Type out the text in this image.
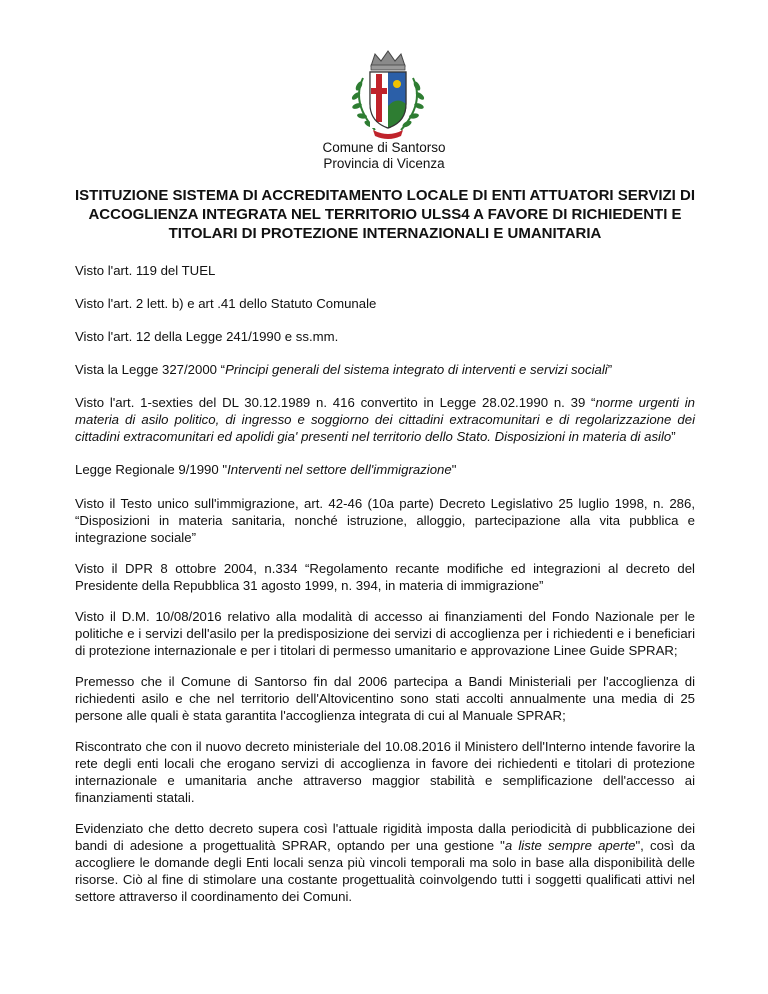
Comune di Santorso
Provincia di Vicenza
ISTITUZIONE SISTEMA DI ACCREDITAMENTO LOCALE DI ENTI ATTUATORI SERVIZI DI ACCOGLIENZA INTEGRATA NEL TERRITORIO ULSS4 A FAVORE DI RICHIEDENTI E TITOLARI DI PROTEZIONE INTERNAZIONALI E UMANITARIA

Visto l'art. 119 del TUEL

Visto l'art. 2 lett. b) e art .41 dello Statuto Comunale

Visto l'art. 12 della Legge 241/1990 e ss.mm.

Vista la Legge 327/2000 “Principi generali del sistema integrato di interventi e servizi sociali”

Visto l'art. 1-sexties del DL 30.12.1989 n. 416 convertito in Legge 28.02.1990 n. 39 “norme urgenti in materia di asilo politico, di ingresso e soggiorno dei cittadini extracomunitari e di regolarizzazione dei cittadini extracomunitari ed apolidi gia' presenti nel territorio dello Stato. Disposizioni in materia di asilo”

Legge Regionale 9/1990 "Interventi nel settore dell'immigrazione"

Visto il Testo unico sull'immigrazione, art. 42-46 (10a parte) Decreto Legislativo 25 luglio 1998, n. 286, “Disposizioni in materia sanitaria, nonché istruzione, alloggio, partecipazione alla vita pubblica e integrazione sociale”

Visto il DPR 8 ottobre 2004, n.334 “Regolamento recante modifiche ed integrazioni al decreto del Presidente della Repubblica 31 agosto 1999, n. 394, in materia di immigrazione”

Visto il D.M. 10/08/2016 relativo alla modalità di accesso ai finanziamenti del Fondo Nazionale per le politiche e i servizi dell'asilo per la predisposizione dei servizi di accoglienza per i richiedenti e i beneficiari di protezione internazionale e per i titolari di permesso umanitario e approvazione Linee Guide SPRAR;

Premesso che il Comune di Santorso fin dal 2006 partecipa a Bandi Ministeriali per l'accoglienza di richiedenti asilo e che nel territorio dell'Altovicentino sono stati accolti annualmente una media di 25 persone alle quali è stata garantita l'accoglienza integrata di cui al Manuale SPRAR;

Riscontrato che con il nuovo decreto ministeriale del 10.08.2016 il Ministero dell'Interno intende favorire la rete degli enti locali che erogano servizi di accoglienza in favore dei richiedenti e titolari di protezione internazionale e umanitaria anche attraverso maggior stabilità e semplificazione dell'accesso ai finanziamenti statali.

Evidenziato che detto decreto supera così l'attuale rigidità imposta dalla periodicità di pubblicazione dei bandi di adesione a progettualità SPRAR, optando per una gestione "a liste sempre aperte", così da accogliere le domande degli Enti locali senza più vincoli temporali ma solo in base alla disponibilità delle risorse. Ciò al fine di stimolare una costante progettualità coinvolgendo tutti i soggetti qualificati attivi nel settore attraverso il coordinamento dei Comuni.
